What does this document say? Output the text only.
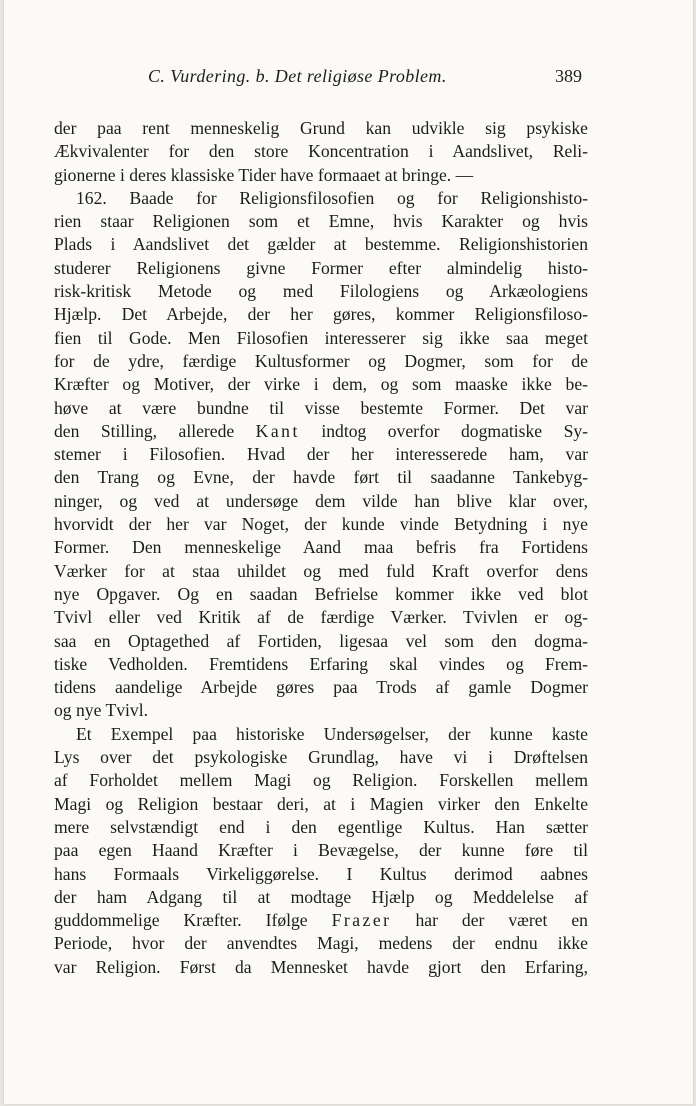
C. Vurdering. b. Det religiøse Problem.	389
der paa rent menneskelig Grund kan udvikle sig psykiske
Ækvivalenter for den store Koncentration i Aandslivet, Reli-
gionerne i deres klassiske Tider have formaaet at bringe. —
162. Baade for Religionsfilosofien og for Religionshistо-
rien staar Religionen som et Emne, hvis Karakter og hvis
Plads i Aandslivet det gælder at bestemme. Religionshistorien
studerer Religionens givne Former efter almindelig histo-
risk-kritisk Metode og med Filologiens og Arkæologiens
Hjælp. Det Arbejde, der her gøres, kommer Religionsfiloso-
fien til Gode. Men Filosofien interesserer sig ikke saa meget
for de ydre, færdige Kultusformer og Dogmer, som for de
Kræfter og Motiver, der virke i dem, og som maaske ikke be-
høve at være bundne til visse bestemte Former. Det var
den Stilling, allerede Kant indtog overfor dogmatiske Sy-
stemer i Filosofien. Hvad der her interesserede ham, var
den Trang og Evne, der havde ført til saadanne Tankebyg-
ninger, og ved at undersøge dem vilde han blive klar over,
hvorvidt der her var Noget, der kunde vinde Betydning i nye
Former. Den menneskelige Aand maa befris fra Fortidens
Værker for at staa uhildet og med fuld Kraft overfor dens
nye Opgaver. Og en saadan Befrielse kommer ikke ved blot
Tvivl eller ved Kritik af de færdige Værker. Tvivlen er og-
saa en Optagethed af Fortiden, ligesaa vel som den dogma-
tiske Vedholden. Fremtidens Erfaring skal vindes og Frem-
tidens aandelige Arbejde gøres paa Trods af gamle Dogmer
og nye Tvivl.
Et Exempel paa historiske Undersøgelser, der kunne kaste
Lys over det psykologiske Grundlag, have vi i Drøftelsen
af Forholdet mellem Magi og Religion. Forskellen mellem
Magi og Religion bestaar deri, at i Magien virker den Enkelte
mere selvstændigt end i den egentlige Kultus. Han sætter
paa egen Haand Kræfter i Bevægelse, der kunne føre til
hans Formaals Virkeliggørelse. I Kultus derimod aabnes
der ham Adgang til at modtage Hjælp og Meddelelse af
guddommelige Kræfter. Ifølge Frazer har der været en
Periode, hvor der anvendtes Magi, medens der endnu ikke
var Religion. Først da Mennesket havde gjort den Erfaring,
